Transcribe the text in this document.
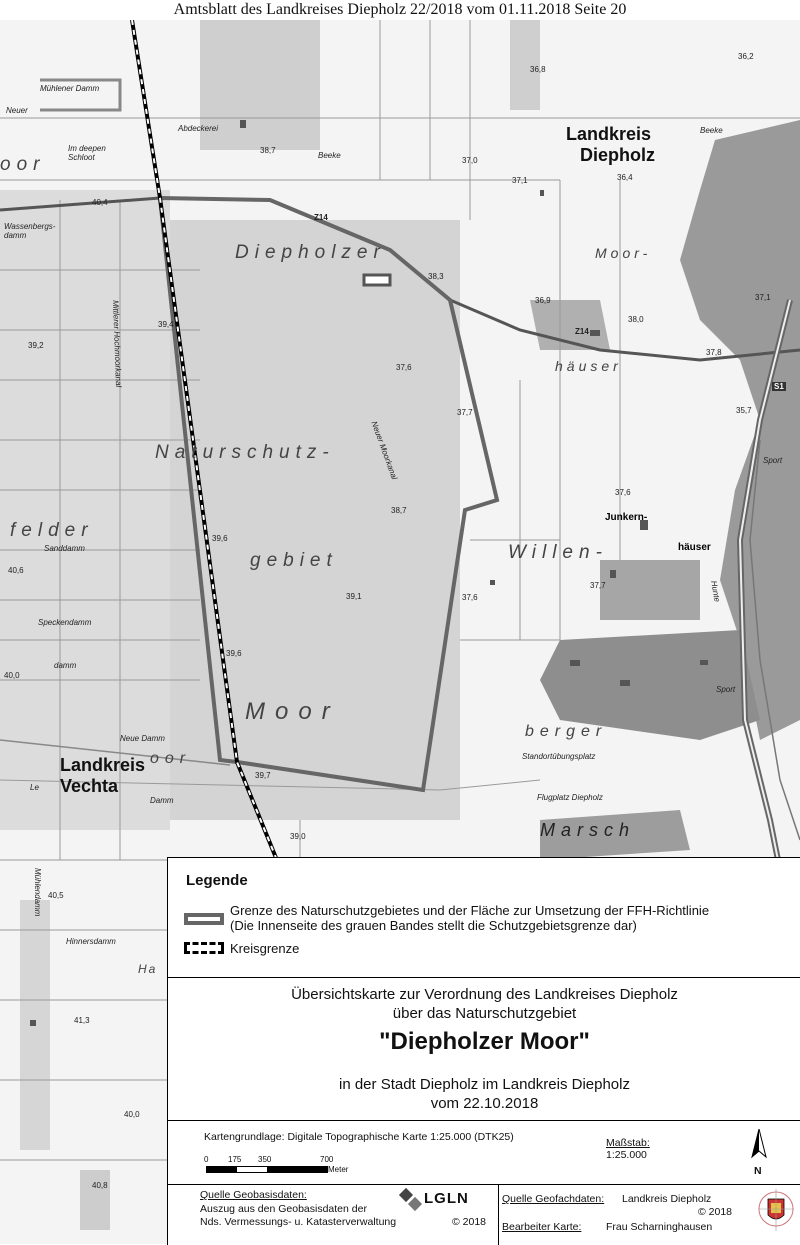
Amtsblatt des Landkreises Diepholz 22/2018 vom 01.11.2018 Seite 20
Landkreis
Diepholz
Landkreis
Vechta
Diepholzer
Naturschutz-
gebiet
Moor
oor
felder
oor
Moor-
häuser
Willen-
berger
Marsch
Junkern-
häuser
Z14
Z14
S1
Abdeckerei
Beeke
Beeke
Im deepen
Schloot
Wassenbergs-
damm
Sanddamm
Speckendamm
damm
Neue Damm
Damm
Le
Neuer Moorkanal
Standortübungsplatz
Flugplatz Diepholz
Hunte
Sport
Sport
Hinnersdamm
Mühlendamm
Mittlerer Hochmoorkanal
Neuer
Mühlener Damm
Ha
36,8
36,2
38,7
37,0
37,1	36,4
40,4
38,3
37,1
38,0
39,4
39,2
37,6
37,8
37,7	35,7
38,7
37,6
39,6
39,1
40,6
37,6
40,0
39,6
39,7
39,0
40,5
41,3
40,0
40,8
36,9
37,7
Legende
Grenze des Naturschutzgebietes und der Fläche zur Umsetzung der FFH-Richtlinie
(Die Innenseite des grauen Bandes stellt die Schutzgebietsgrenze dar)
Kreisgrenze
Übersichtskarte zur Verordnung des Landkreises Diepholz
über das Naturschutzgebiet
"Diepholzer Moor"
in der Stadt Diepholz im Landkreis Diepholz
vom 22.10.2018
Kartengrundlage: Digitale Topographische Karte 1:25.000 (DTK25)
0 175 350	700
Meter
Maßstab:
1:25.000
N
Quelle Geobasisdaten:
Auszug aus den Geobasisdaten der
Nds. Vermessungs- u. Katasterverwaltung
LGLN
© 2018
Quelle Geofachdaten: Landkreis Diepholz
© 2018
Bearbeiter Karte: Frau Scharninghausen
